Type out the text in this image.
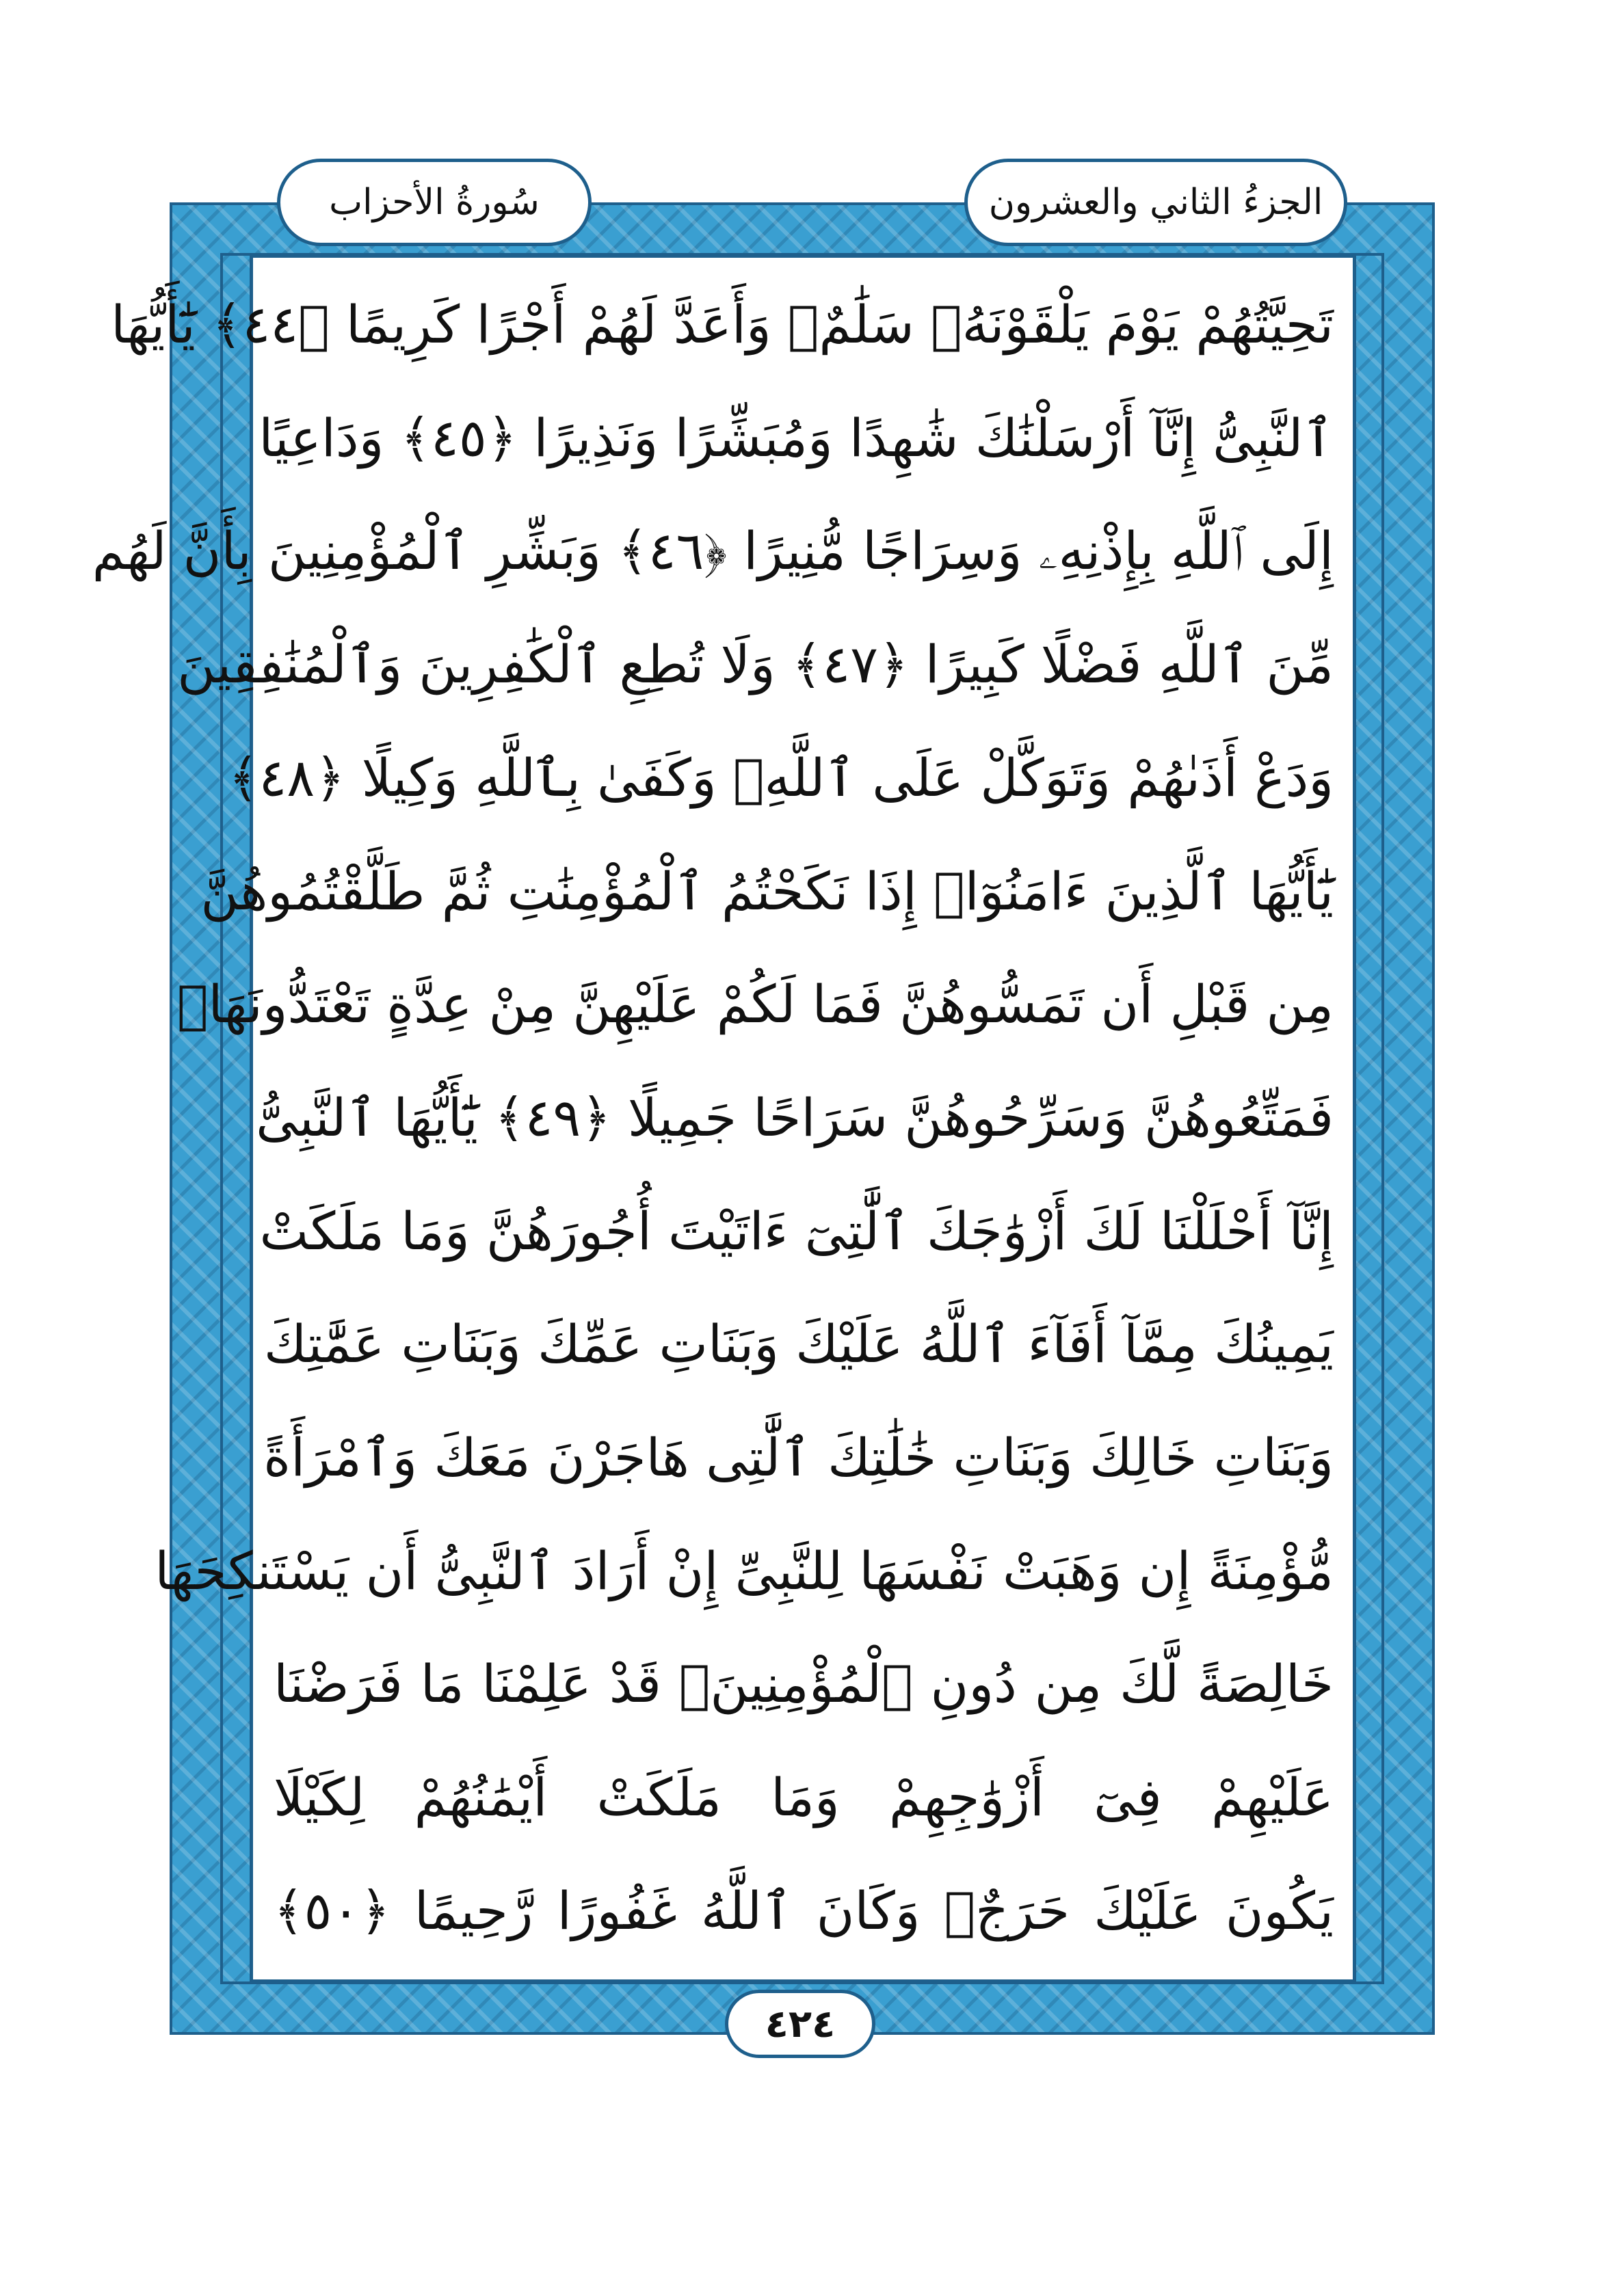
الجزءُ الثاني والعشرون
سُورةُ الأحزاب
تَحِيَّتُهُمْ يَوْمَ يَلْقَوْنَهُۥ سَلَٰمٌۚ وَأَعَدَّ لَهُمْ أَجْرًا كَرِيمًا ﴿٤٤﴾ يَٰٓأَيُّهَا
ٱلنَّبِىُّ إِنَّآ أَرْسَلْنَٰكَ شَٰهِدًا وَمُبَشِّرًا وَنَذِيرًا ﴿٤٥﴾ وَدَاعِيًا
إِلَى ٱللَّهِ بِإِذْنِهِۦ وَسِرَاجًا مُّنِيرًا ﴿٤٦﴾ وَبَشِّرِ ٱلْمُؤْمِنِينَ بِأَنَّ لَهُم
مِّنَ ٱللَّهِ فَضْلًا كَبِيرًا ﴿٤٧﴾ وَلَا تُطِعِ ٱلْكَٰفِرِينَ وَٱلْمُنَٰفِقِينَ
وَدَعْ أَذَىٰهُمْ وَتَوَكَّلْ عَلَى ٱللَّهِۚ وَكَفَىٰ بِٱللَّهِ وَكِيلًا ﴿٤٨﴾
يَٰٓأَيُّهَا ٱلَّذِينَ ءَامَنُوٓا۟ إِذَا نَكَحْتُمُ ٱلْمُؤْمِنَٰتِ ثُمَّ طَلَّقْتُمُوهُنَّ
مِن قَبْلِ أَن تَمَسُّوهُنَّ فَمَا لَكُمْ عَلَيْهِنَّ مِنْ عِدَّةٍ تَعْتَدُّونَهَاۖ
فَمَتِّعُوهُنَّ وَسَرِّحُوهُنَّ سَرَاحًا جَمِيلًا ﴿٤٩﴾ يَٰٓأَيُّهَا ٱلنَّبِىُّ
إِنَّآ أَحْلَلْنَا لَكَ أَزْوَٰجَكَ ٱلَّٰتِىٓ ءَاتَيْتَ أُجُورَهُنَّ وَمَا مَلَكَتْ
يَمِينُكَ مِمَّآ أَفَآءَ ٱللَّهُ عَلَيْكَ وَبَنَاتِ عَمِّكَ وَبَنَاتِ عَمَّٰتِكَ
وَبَنَاتِ خَالِكَ وَبَنَاتِ خَٰلَٰتِكَ ٱلَّٰتِى هَاجَرْنَ مَعَكَ وَٱمْرَأَةً
مُّؤْمِنَةً إِن وَهَبَتْ نَفْسَهَا لِلنَّبِىِّ إِنْ أَرَادَ ٱلنَّبِىُّ أَن يَسْتَنكِحَهَا
خَالِصَةً لَّكَ مِن دُونِ ٱلْمُؤْمِنِينَۗ قَدْ عَلِمْنَا مَا فَرَضْنَا
عَلَيْهِمْ فِىٓ أَزْوَٰجِهِمْ وَمَا مَلَكَتْ أَيْمَٰنُهُمْ لِكَيْلَا
يَكُونَ عَلَيْكَ حَرَجٌۗ وَكَانَ ٱللَّهُ غَفُورًا رَّحِيمًا ﴿٥٠﴾
٤٢٤
